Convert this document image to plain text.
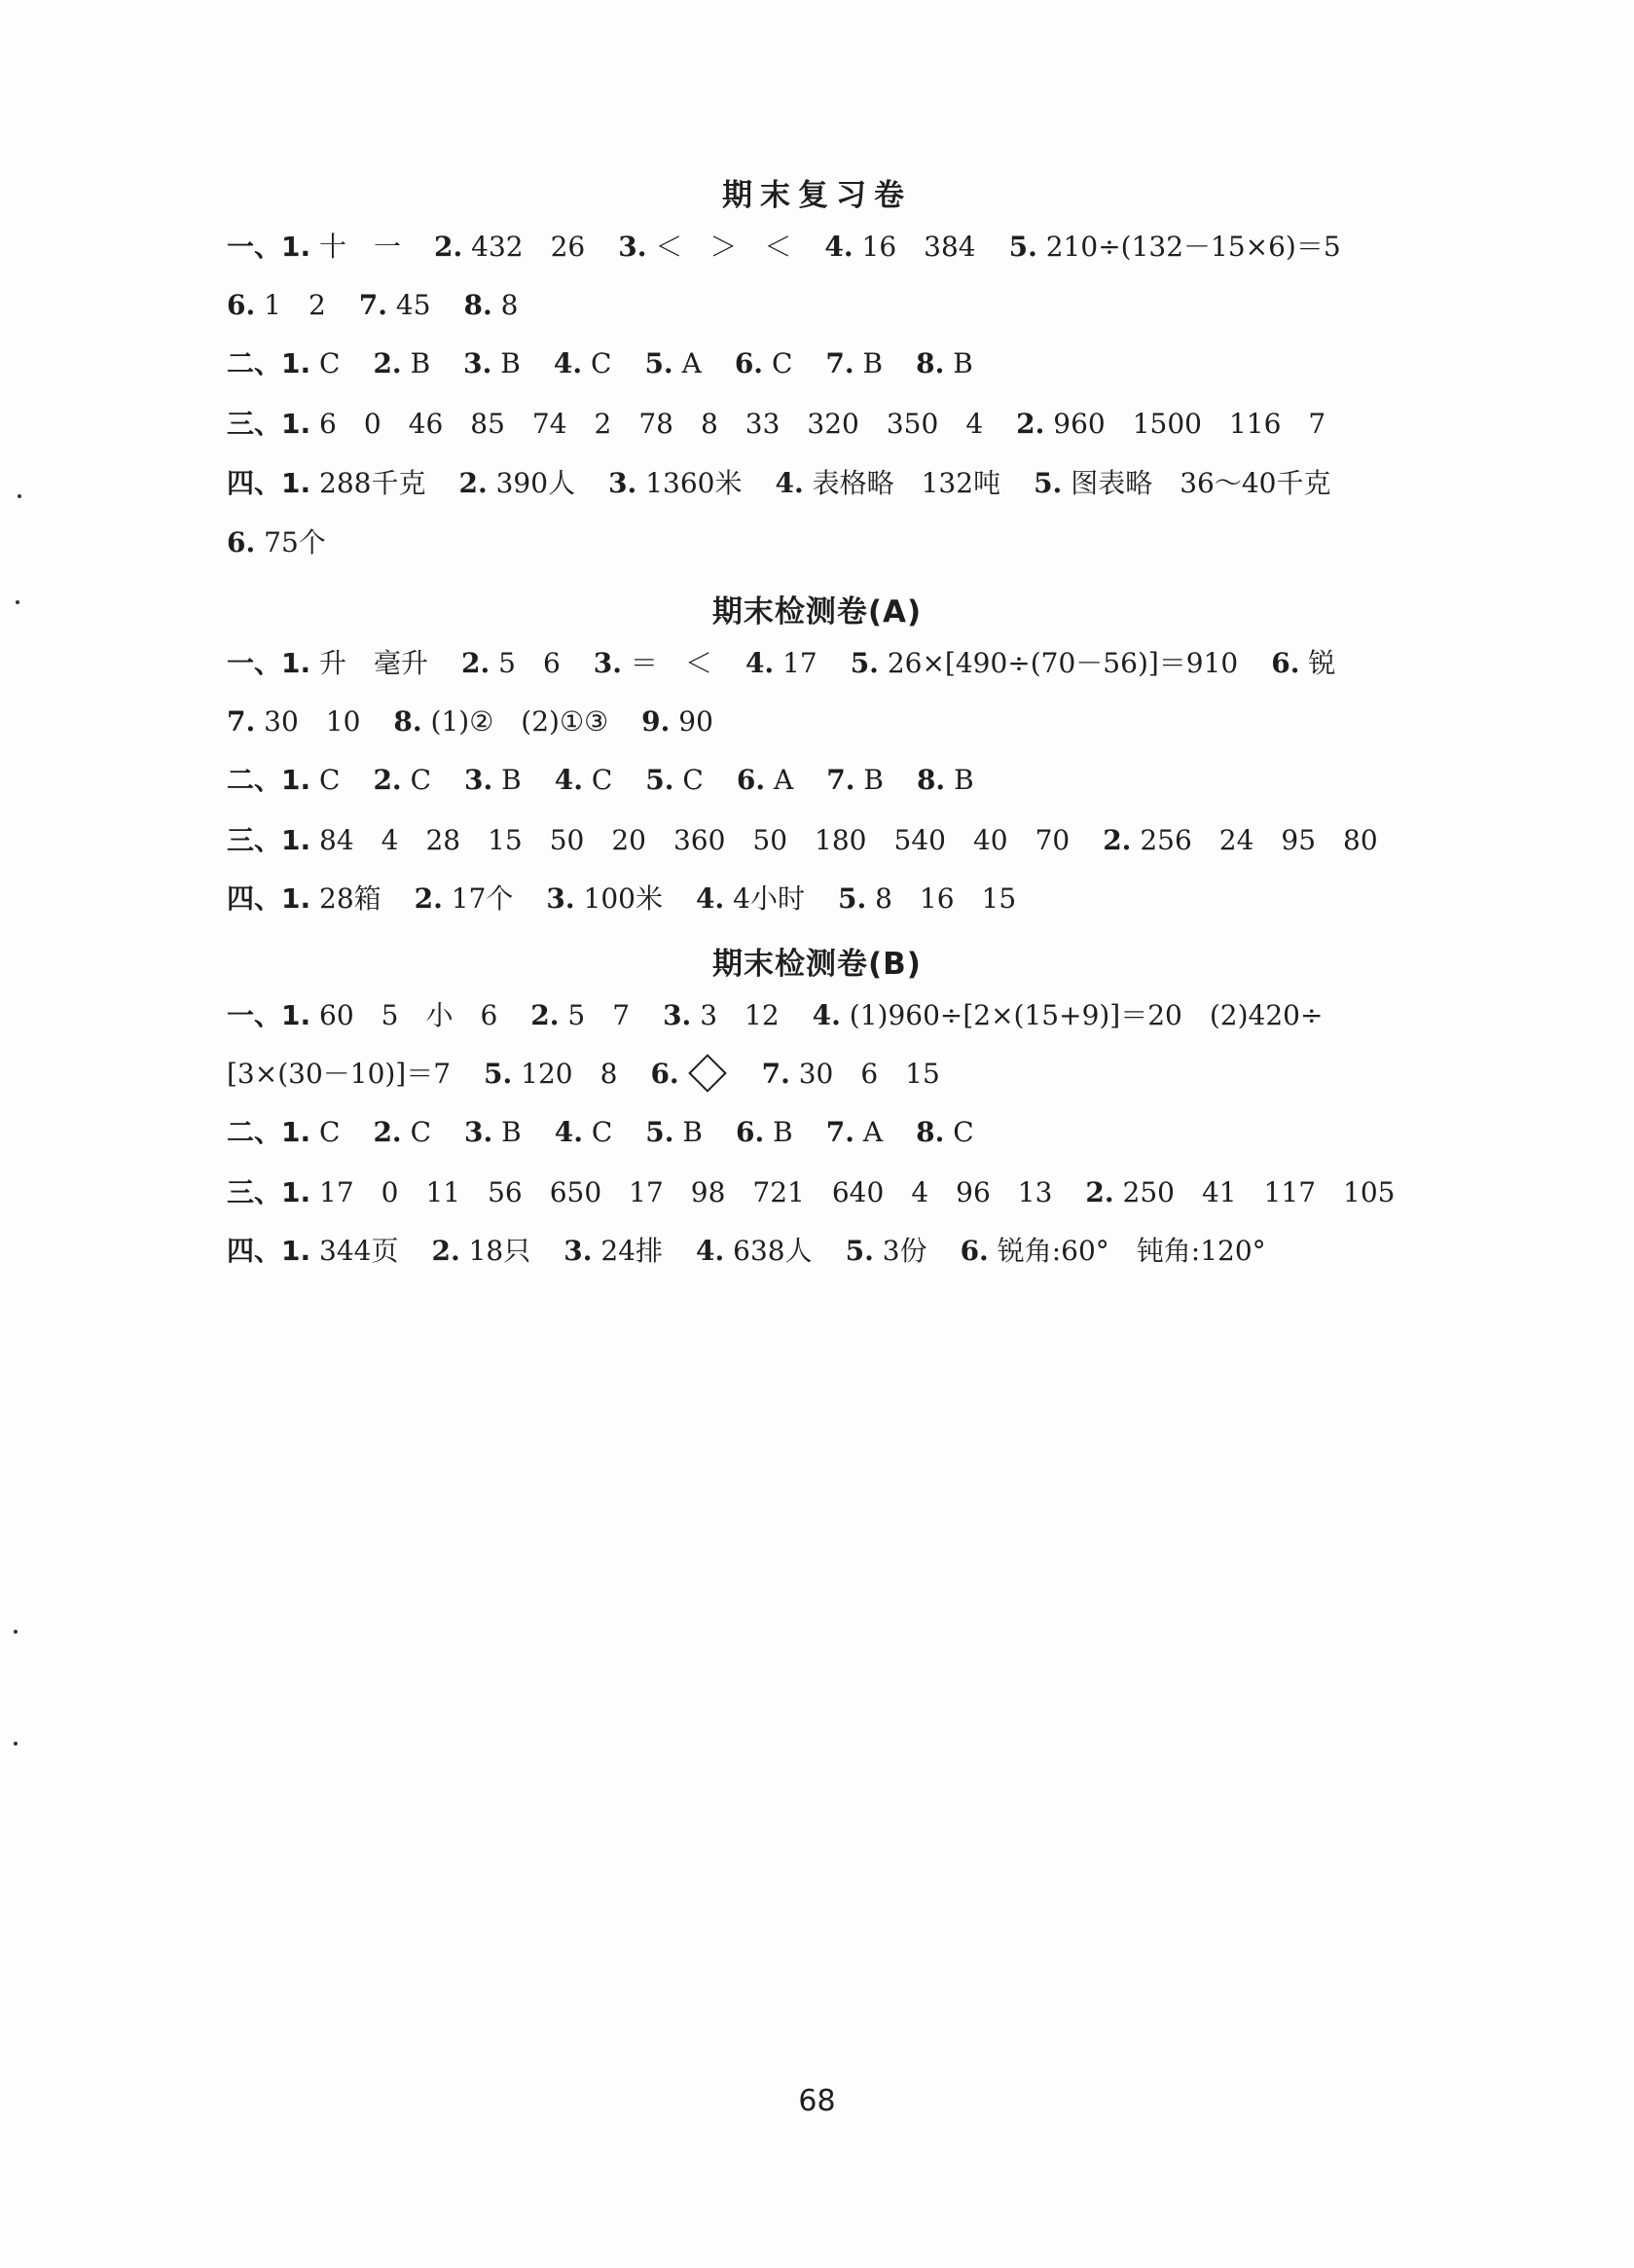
期末复习卷
一、1. 十　一 2. 432　26 3. ＜　＞　＜ 4. 16　384 5. 210÷(132－15×6)＝5
6. 1　2 7. 45 8. 8
二、1. C 2. B 3. B 4. C 5. A 6. C 7. B 8. B
三、1. 6　0　46　85　74　2　78　8　33　320　350　4 2. 960　1500　116　7
四、1. 288千克 2. 390人 3. 1360米 4. 表格略　132吨 5. 图表略　36～40千克
6. 75个
期末检测卷(A)
一、1. 升　毫升 2. 5　6 3. ＝　＜ 4. 17 5. 26×[490÷(70－56)]＝910 6. 锐
7. 30　10 8. (1)②　(2)①③ 9. 90
二、1. C 2. C 3. B 4. C 5. C 6. A 7. B 8. B
三、1. 84　4　28　15　50　20　360　50　180　540　40　70 2. 256　24　95　80
四、1. 28箱 2. 17个 3. 100米 4. 4小时 5. 8　16　15
期末检测卷(B)
一、1. 60　5　小　6 2. 5　7 3. 3　12 4. (1)960÷[2×(15+9)]＝20　(2)420÷
[3×(30－10)]＝7 5. 120　8 6.	7. 30　6　15
二、1. C 2. C 3. B 4. C 5. B 6. B 7. A 8. C
三、1. 17　0　11　56　650　17　98　721　640　4　96　13 2. 250　41　117　105
四、1. 344页 2. 18只 3. 24排 4. 638人 5. 3份 6. 锐角:60°　钝角:120°
68
